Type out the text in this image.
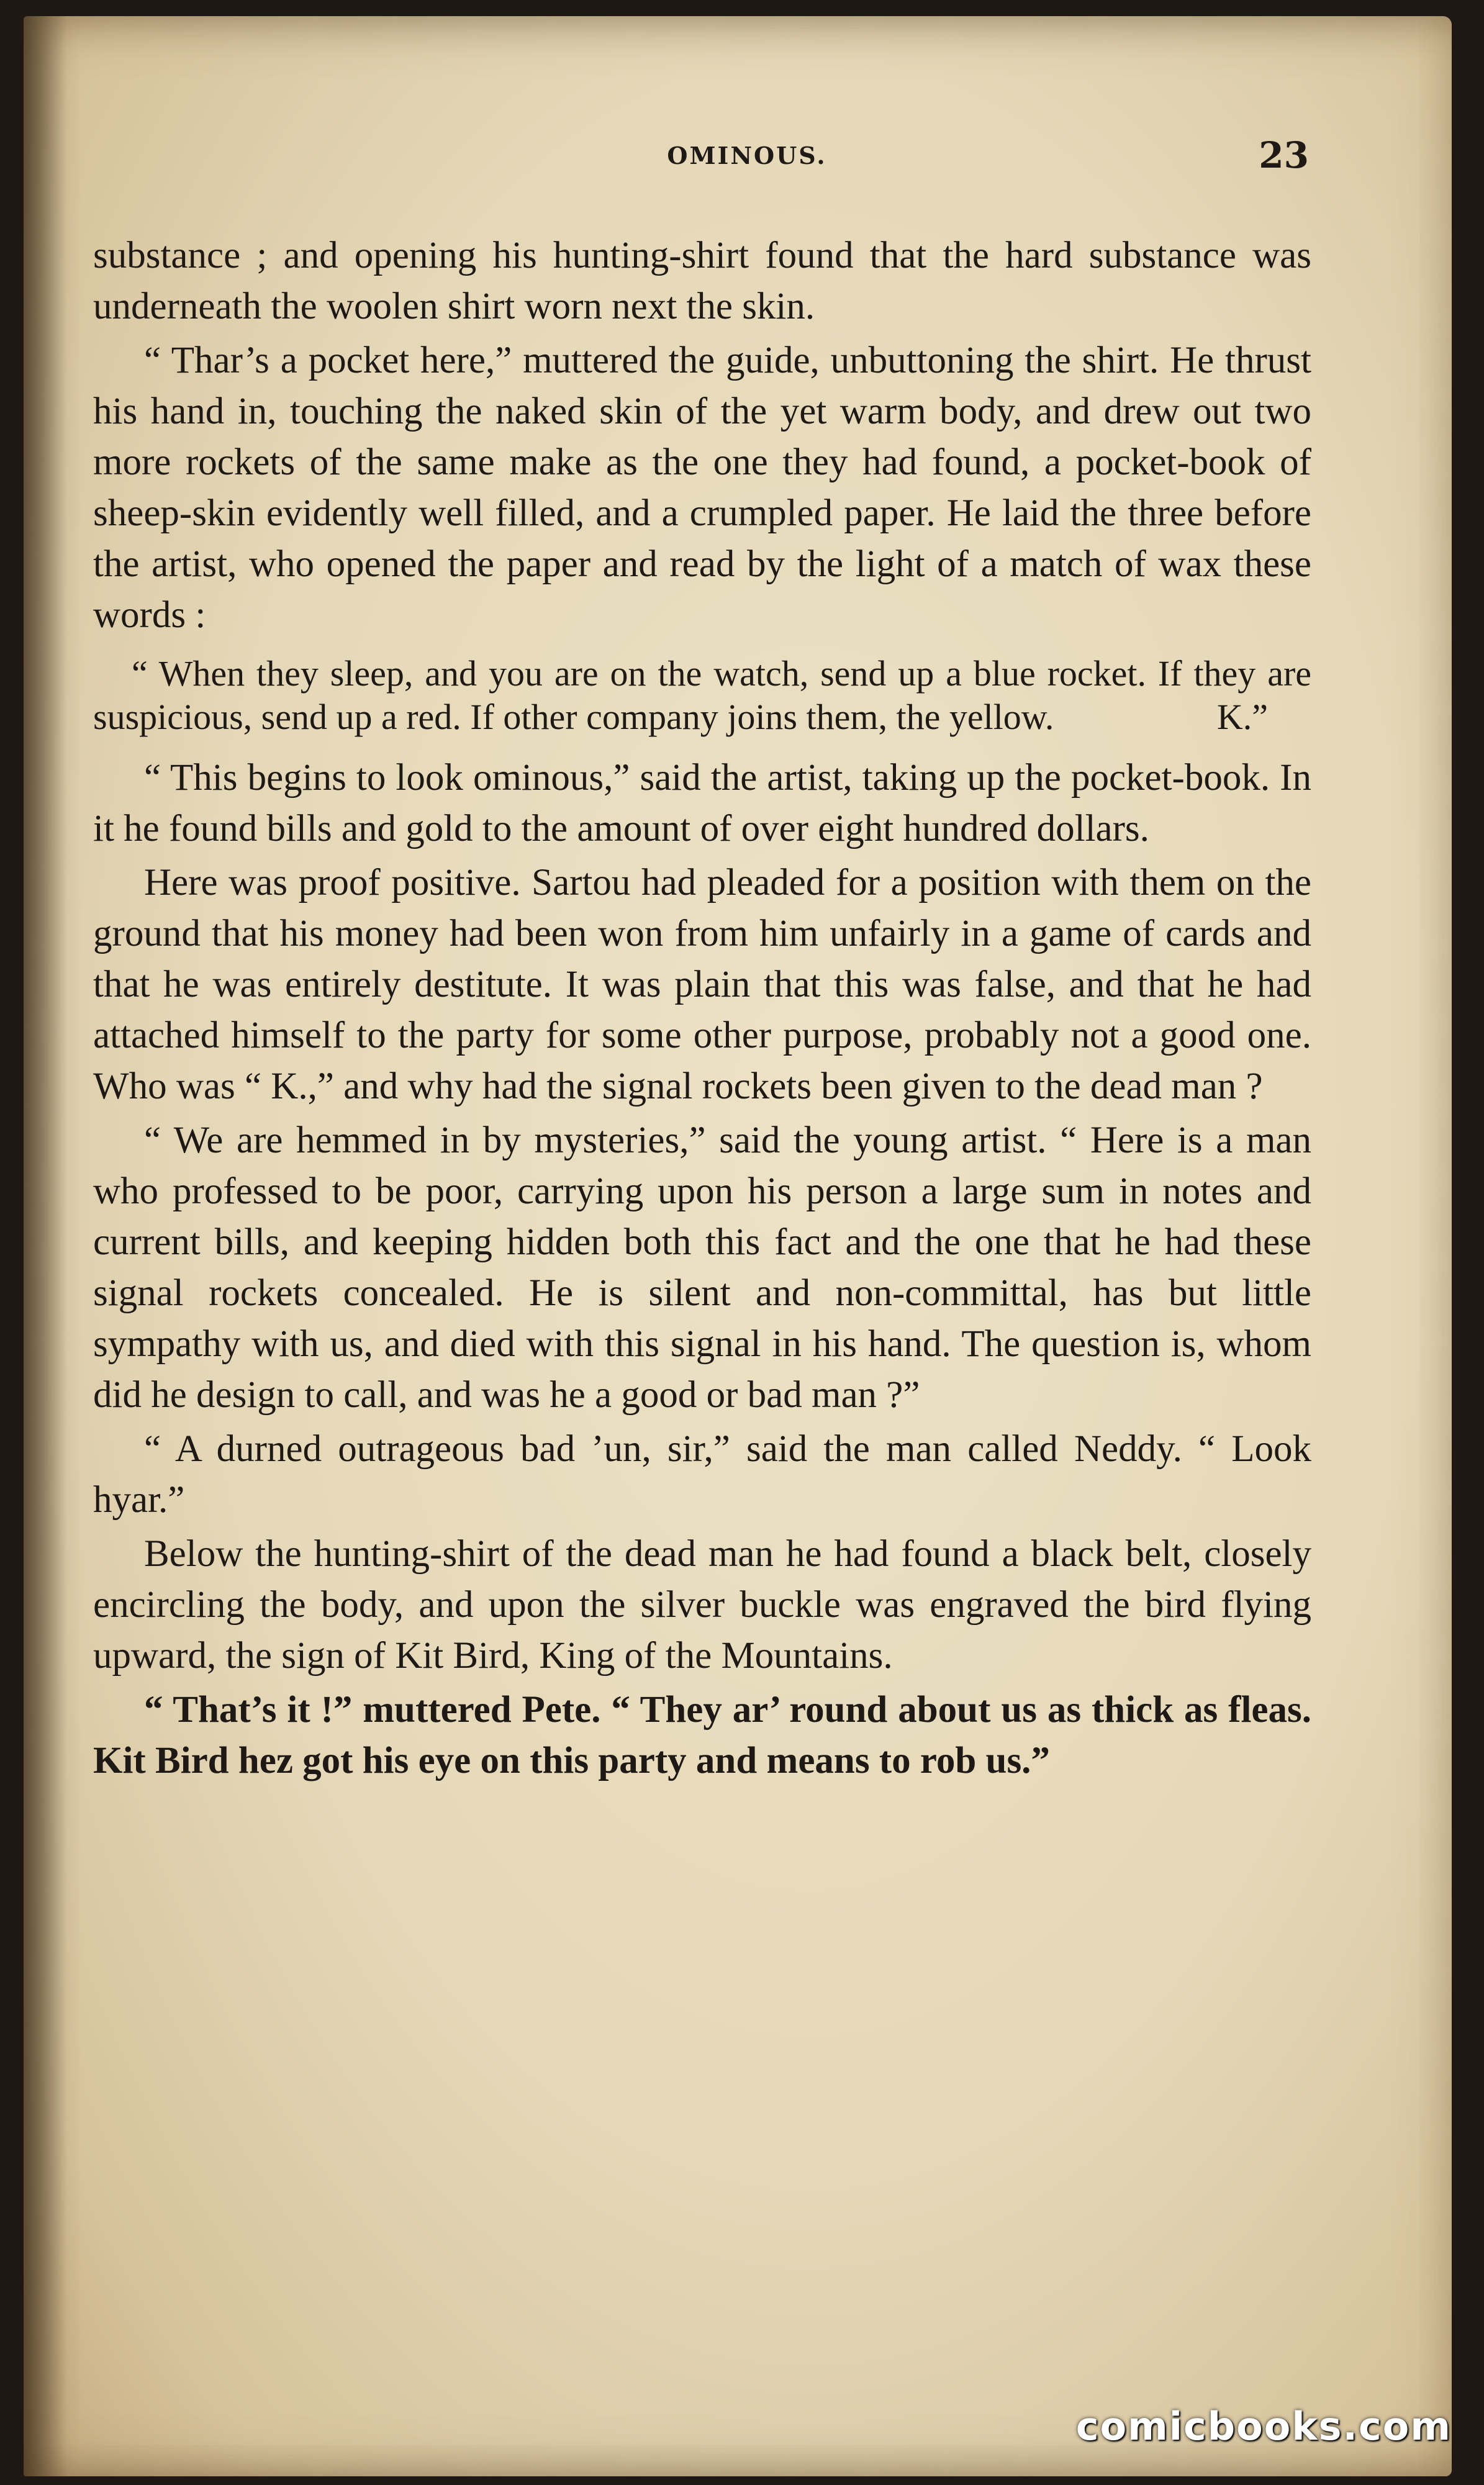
OMINOUS.	23

substance ; and opening his hunting-shirt found that the hard substance was underneath the woolen shirt worn next the skin.

“ Thar’s a pocket here,” muttered the guide, unbuttoning the shirt. He thrust his hand in, touching the naked skin of the yet warm body, and drew out two more rockets of the same make as the one they had found, a pocket-book of sheep-skin evidently well filled, and a crumpled paper. He laid the three before the artist, who opened the paper and read by the light of a match of wax these words :

“ When they sleep, and you are on the watch, send up a blue rocket. If they are suspicious, send up a red. If other company joins them, the yellow.	K.”

“ This begins to look ominous,” said the artist, taking up the pocket-book. In it he found bills and gold to the amount of over eight hundred dollars.

Here was proof positive. Sartou had pleaded for a position with them on the ground that his money had been won from him unfairly in a game of cards and that he was entirely destitute. It was plain that this was false, and that he had attached himself to the party for some other purpose, probably not a good one. Who was “ K.,” and why had the signal rockets been given to the dead man ?

“ We are hemmed in by mysteries,” said the young artist. “ Here is a man who professed to be poor, carrying upon his person a large sum in notes and current bills, and keeping hidden both this fact and the one that he had these signal rockets concealed. He is silent and non-committal, has but little sympathy with us, and died with this signal in his hand. The question is, whom did he design to call, and was he a good or bad man ?”

“ A durned outrageous bad ’un, sir,” said the man called Neddy. “ Look hyar.”

Below the hunting-shirt of the dead man he had found a black belt, closely encircling the body, and upon the silver buckle was engraved the bird flying upward, the sign of Kit Bird, King of the Mountains.

“ That’s it !” muttered Pete. “ They ar’ round about us as thick as fleas. Kit Bird hez got his eye on this party and means to rob us.”

comicbooks.com
